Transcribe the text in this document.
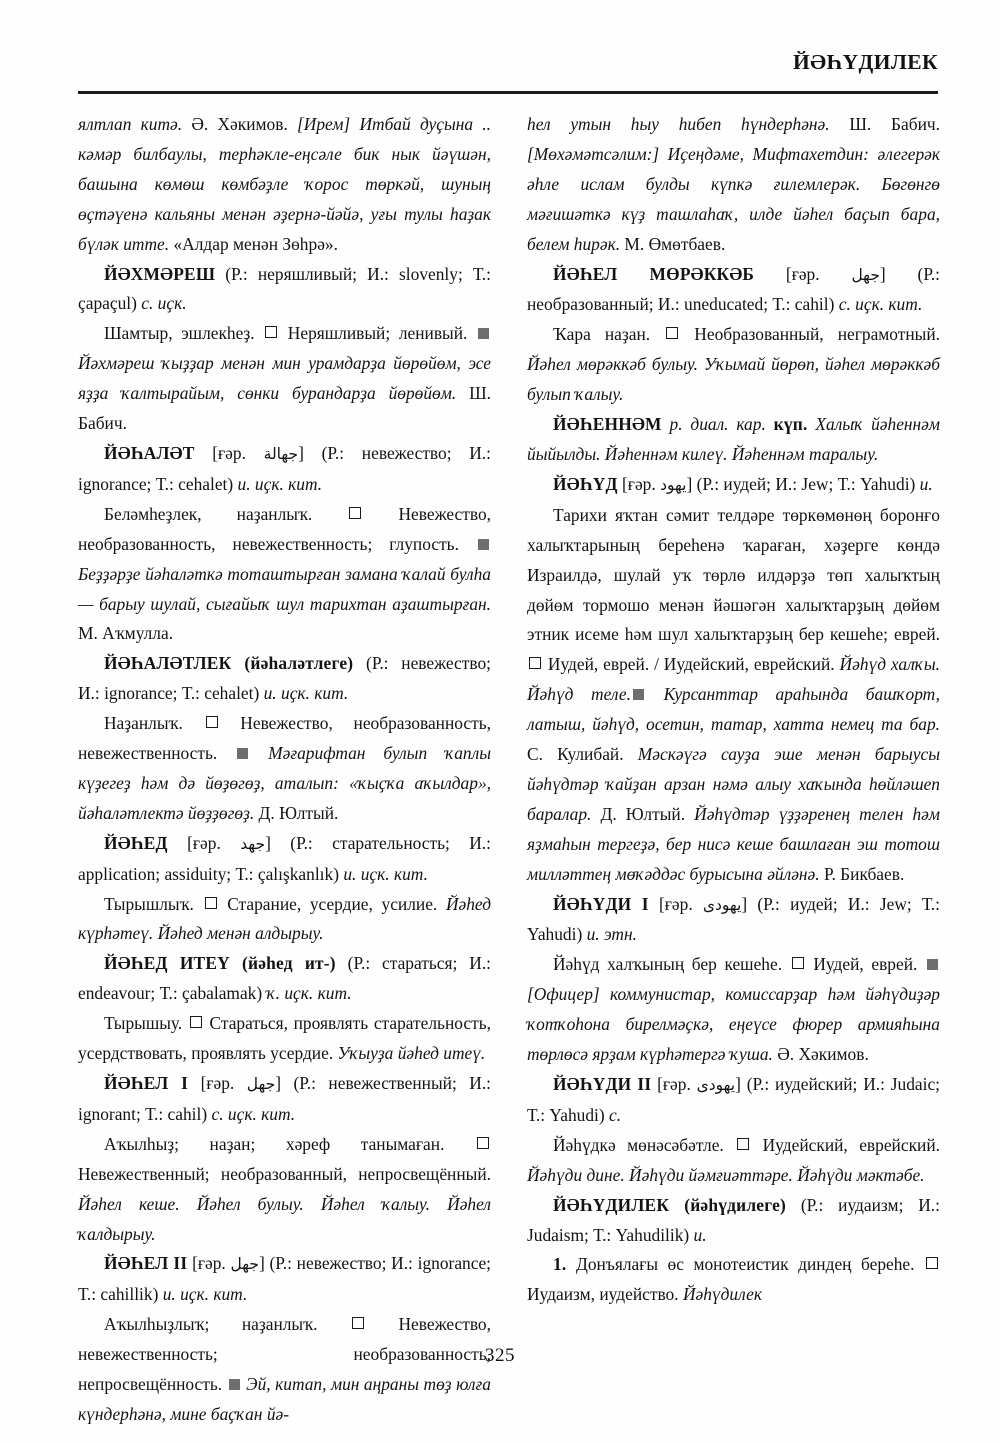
ЙӘҺҮДИЛЕК

ялтлап китә. Ә. Хәкимов. [Ирем] Итбай дуҫына .. кәмәр билбаулы, терһәкле-еңсәле бик нык йәүшән, башына көмөш көмбәҙле ҡорос төркәй, шуның өҫтәүенә кальяны менән әҙернә-йәйә, уғы тулы һаҙак бүләк итте. «Алдар менән Зөһрә».

ЙӘХМӘРЕШ (Р.: неряшливый; И.: slovenly; Т.: çapaçul) с. иҫк.

Шамтыр, эшлекһеҙ.  Неряшливый; ленивый.  Йәхмәреш ҡыҙҙар менән мин урамдарҙа йөрөйөм, эсе яҙҙа ҡалтырайым, сөнки бурандарҙа йөрөйөм. Ш. Бабич.

ЙӘҺАЛӘТ [ғәр. جهالة] (Р.: невежество; И.: ignorance; Т.: cehalet) и. иҫк. кит.

Беләмһеҙлек, наҙанлыҡ.  Невежество, необразованность, невежественность; глупость.  Беҙҙәрҙе йәһаләткә тоташтырған замана ҡалай булһа — барыу шулай, сығайыҡ шул тарихтан аҙаштырған. М. Аҡмулла.

ЙӘҺАЛӘТЛЕК (йәһаләтлеге) (Р.: невежество; И.: ignorance; Т.: cehalet) и. иҫк. кит.

Наҙанлыҡ.  Невежество, необразованность, невежественность.  Мәғарифтан булып ҡаплы күҙегеҙ һәм дә йөҙөгөҙ, аталып: «ҡыҫҡа аҡылдар», йәһаләтлектә йөҙҙөгөҙ. Д. Юлтый.

ЙӘҺЕД [ғәр. جهد] (Р.: старательность; И.: application; assiduity; Т.: çalışkanlık) и. иҫк. кит.

Тырышлыҡ.  Старание, усердие, усилие. Йәһед күрһәтеү. Йәһед менән алдырыу.

ЙӘҺЕД ИТЕҮ (йәһед ит-) (Р.: стараться; И.: endeavour; Т.: çabalamak) ҡ. иҫк. кит.

Тырышыу.  Стараться, проявлять старательность, усердствовать, проявлять усердие. Уҡыуҙа йәһед итеү.

ЙӘҺЕЛ I [ғәр. جهل] (Р.: невежественный; И.: ignorant; Т.: cahil) с. иҫк. кит.

Аҡылһыҙ; наҙан; хәреф танымаған.  Невежественный; необразованный, непросвещённый. Йәһел кеше. Йәһел булыу. Йәһел ҡалыу. Йәһел ҡалдырыу.

ЙӘҺЕЛ II [ғәр. جهل] (Р.: невежество; И.: ignorance; Т.: cahillik) и. иҫк. кит.

Аҡылһыҙлыҡ; наҙанлыҡ.  Невежество, невежественность; необразованность, непросвещённость.  Эй, китап, мин аңраны төҙ юлға күндерһәнә, мине баҫҡан йә-

һел утын һыу һибеп һүндерһәнә. Ш. Бабич. [Мөхәмәтсәлим:] Иҫеңдәме, Мифтахетдин: әлегерәк әһле ислам булды күпкә ғилемлерәк. Бөгөнгө мәғишәткә күҙ ташлаһаҡ, илде йәһел баҫып бара, белем һирәк. М. Өмөтбаев.

ЙӘҺЕЛ МӨРӘККӘБ [ғәр. جهل] (Р.: необразованный; И.: uneducated; Т.: cahil) с. иҫк. кит.

Ҡара наҙан.  Необразованный, неграмотный. Йәһел мөрәккәб булыу. Уҡымай йөрөп, йәһел мөрәккәб булып ҡалыу.

ЙӘҺЕННӘМ р. диал. кар. күп. Халыҡ йәһеннәм йыйылды. Йәһеннәм килеү. Йәһеннәм таралыу.

ЙӘҺҮД [ғәр. يهود] (Р.: иудей; И.: Jew; Т.: Yahudi) и.

Тарихи яҡтан сәмит телдәре төркөмөнөң боронғо халыҡтарының береһенә ҡараған, хәҙерге көндә Израилдә, шулай уҡ төрлө илдәрҙә төп халыҡтың дөйөм тормошо менән йәшәгән халыҡтарҙың дөйөм этник исеме һәм шул халыҡтарҙың бер кешеһе; еврей.  Иудей, еврей. / Иудейский, еврейский. Йәһүд халҡы. Йәһүд теле. Курсанттар араһында башҡорт, латыш, йәһүд, осетин, татар, хатта немец та бар. С. Кулибай. Мәскәүгә сауҙа эше менән барыусы йәһүдтәр ҡайҙан арзан нәмә алыу хаҡында һөйләшеп баралар. Д. Юлтый. Йәһүдтәр үҙҙәренең телен һәм яҙмаһын тергеҙә, бер нисә кеше башлаған эш тотош милләттең мөҡәддәс бурысына әйләнә. Р. Бикбаев.

ЙӘҺҮДИ I [ғәр. يهودى] (Р.: иудей; И.: Jew; Т.: Yahudi) и. этн.

Йәһүд халҡының бер кешеһе.  Иудей, еврей.  [Офицер] коммунистар, комиссарҙар һәм йәһүдиҙәр ҡотҡоһона бирелмәҫкә, еңеүсе фюрер армияһына төрлөсә ярҙам күрһәтергә ҡуша. Ә. Хәкимов.

ЙӘҺҮДИ II [ғәр. يهودى] (Р.: иудейский; И.: Judaic; Т.: Yahudi) с.

Йәһүдкә мөнәсәбәтле.  Иудейский, еврейский. Йәһүди дине. Йәһүди йәмғиәттәре. Йәһүди мәктәбе.

ЙӘҺҮДИЛЕК (йәһүдилеге) (Р.: иудаизм; И.: Judaism; Т.: Yahudilik) и.

1. Донъялағы өс монотеистик диндең береһе.  Иудаизм, иудейство. Йәһүдилек

325
